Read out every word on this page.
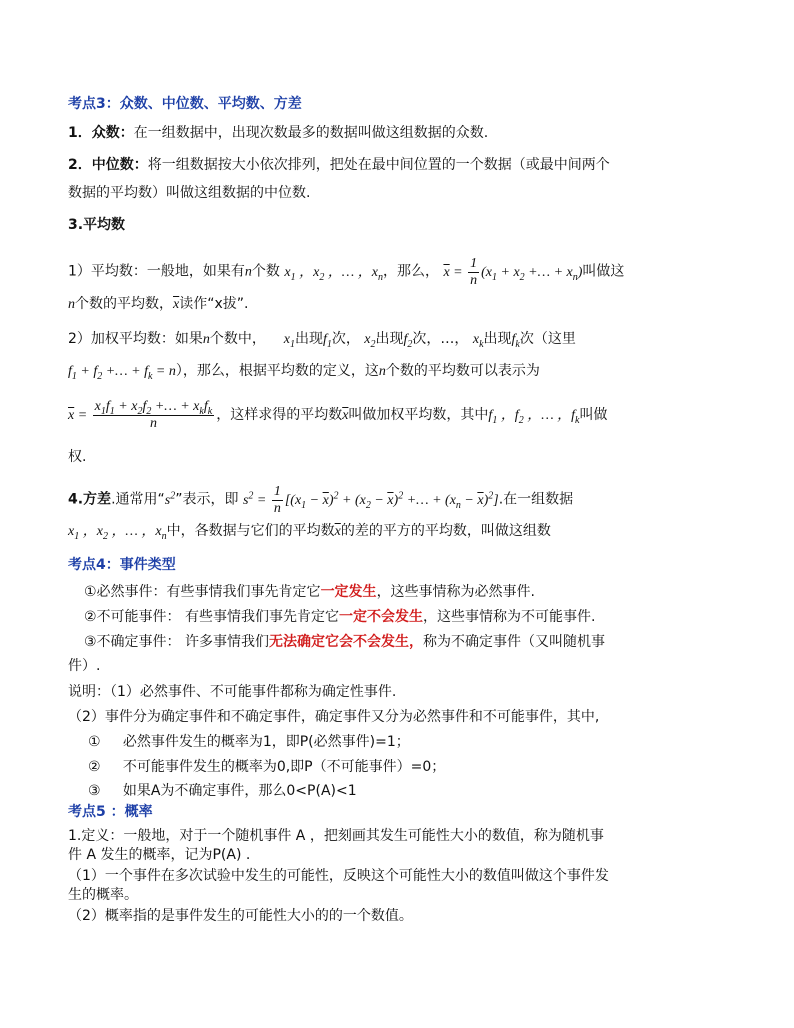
考点3：众数、中位数、平均数、方差
1．众数：在一组数据中，出现次数最多的数据叫做这组数据的众数.
2．中位数：将一组数据按大小依次排列，把处在最中间位置的一个数据（或最中间两个
数据的平均数）叫做这组数据的中位数.
3.平均数
1）平均数：一般地，如果有n个数 $x_1$ ，$x_2$ ，… ，$x_n$，那么， $\overline{x} = \frac{1}{n} (x_1 + x_2$ +… + $x_n$)叫做这
n个数的平均数，$\overline{x}$读作“x拔”.
2）加权平均数：如果n个数中， $x_1$出现$f_1$次， $x_2$出现$f_2$次，…， $x_k$出现$f_k$次（这里
$f_1 + f_2$ +… + $f_k = n$），那么，根据平均数的定义，这n个数的平均数可以表示为
$\overline{x} = \frac{x_1f_1 + x_2f_2 +\dots + x_kf_k}{n}$ ，这样求得的平均数$\overline{x}$叫做加权平均数，其中$f_1$ ，$f_2$ ，… ，$f_k$叫做
权.
4.方差.通常用“$s^2$”表示，即 $s^2 = \frac{1}{n} [(x_1 - \overline{x})^2 + (x_2 - \overline{x})^2$ +… + $(x_n - \overline{x})^2$].在一组数据
$x_1$ ，$x_2$ ，… ，$x_n$中，各数据与它们的平均数$\overline{x}$的差的平方的平均数，叫做这组数
考点4：事件类型
①必然事件：有些事情我们事先肯定它一定发生，这些事情称为必然事件.
②不可能事件： 有些事情我们事先肯定它一定不会发生，这些事情称为不可能事件.
③不确定事件： 许多事情我们无法确定它会不会发生，称为不确定事件（又叫随机事
件）.
说明：（1）必然事件、不可能事件都称为确定性事件.
（2）事件分为确定事件和不确定事件，确定事件又分为必然事件和不可能事件，其中,
① 必然事件发生的概率为1，即P(必然事件)=1；
② 不可能事件发生的概率为0,即P（不可能事件）=0；
③ 如果A为不确定事件，那么0<P(A)<1
考点5 ：概率
1.定义：一般地，对于一个随机事件 A ，把刻画其发生可能性大小的数值，称为随机事
件 A 发生的概率，记为P(A) .
（1）一个事件在多次试验中发生的可能性，反映这个可能性大小的数值叫做这个事件发
生的概率。
（2）概率指的是事件发生的可能性大小的的一个数值。
